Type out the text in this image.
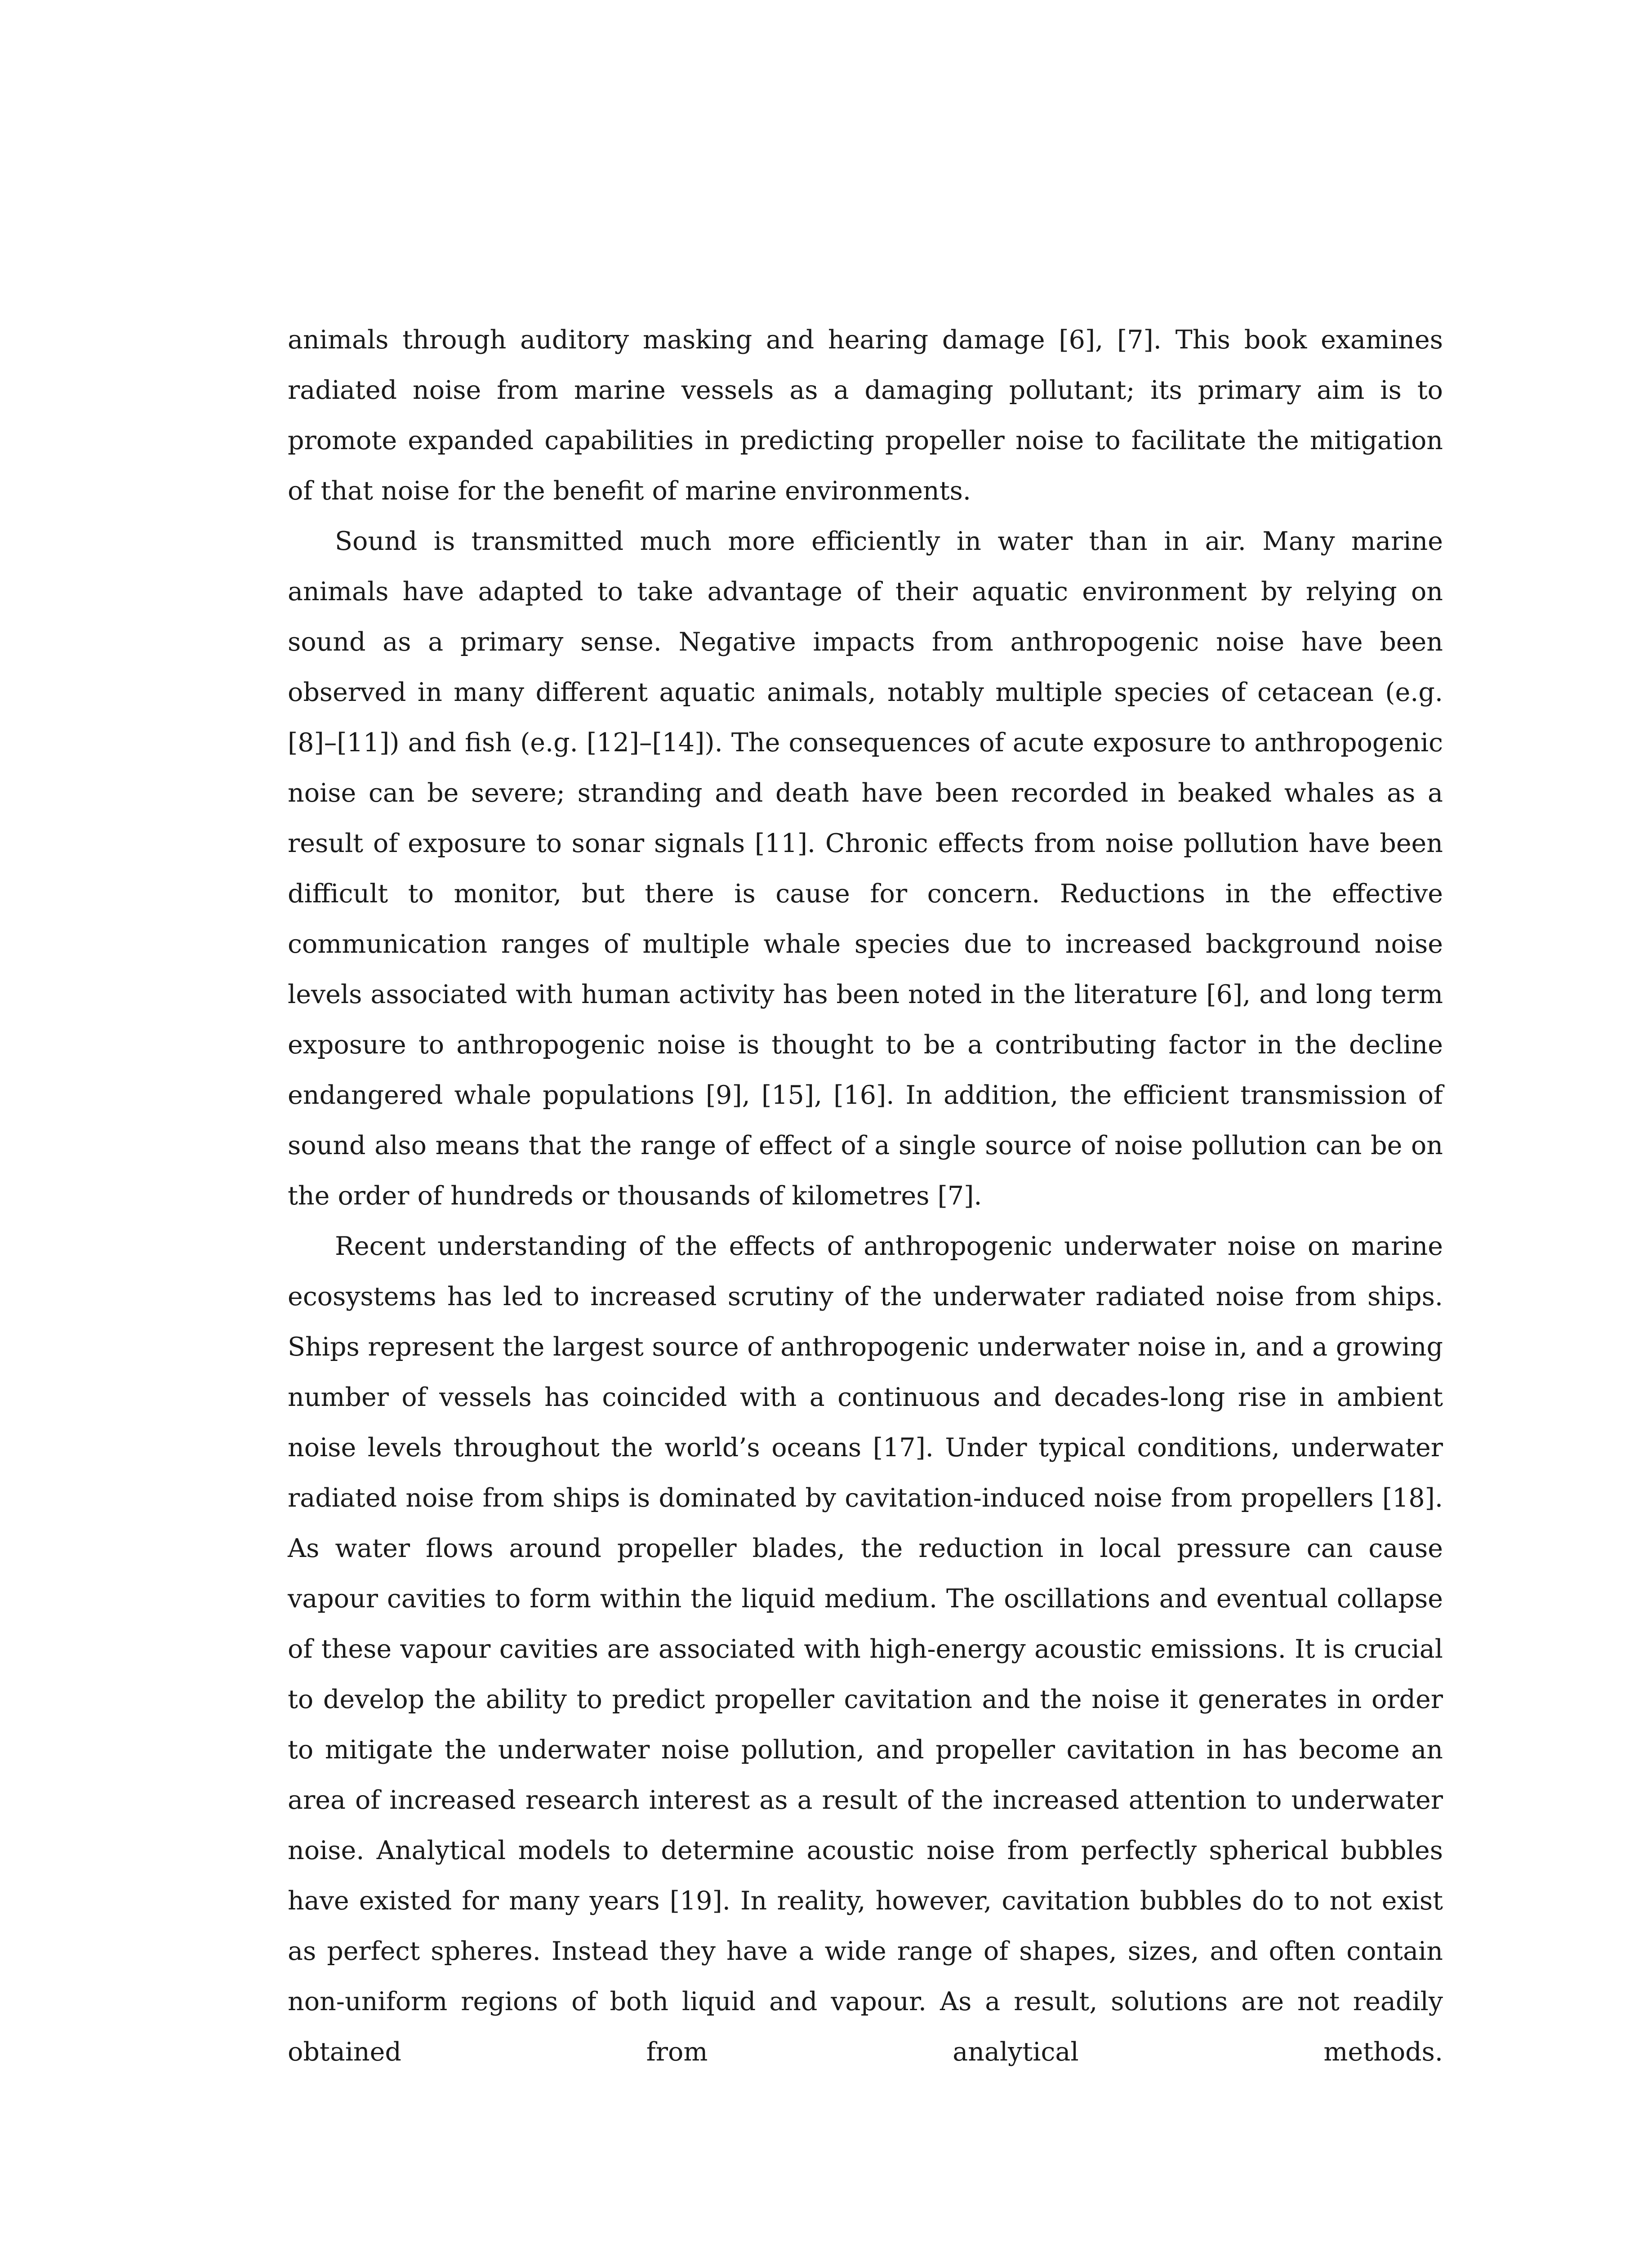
animals through auditory masking and hearing damage [6], [7]. This book examines radiated noise from marine vessels as a damaging pollutant; its primary aim is to promote expanded capabilities in predicting propeller noise to facilitate the mitigation of that noise for the benefit of marine environments.

Sound is transmitted much more efficiently in water than in air. Many marine animals have adapted to take advantage of their aquatic environment by relying on sound as a primary sense. Negative impacts from anthropogenic noise have been observed in many different aquatic animals, notably multiple species of cetacean (e.g. [8]–[11]) and fish (e.g. [12]–[14]). The consequences of acute exposure to anthropogenic noise can be severe; stranding and death have been recorded in beaked whales as a result of exposure to sonar signals [11]. Chronic effects from noise pollution have been difficult to monitor, but there is cause for concern. Reductions in the effective communication ranges of multiple whale species due to increased background noise levels associated with human activity has been noted in the literature [6], and long term exposure to anthropogenic noise is thought to be a contributing factor in the decline endangered whale populations [9], [15], [16]. In addition, the efficient transmission of sound also means that the range of effect of a single source of noise pollution can be on the order of hundreds or thousands of kilometres [7].

Recent understanding of the effects of anthropogenic underwater noise on marine ecosystems has led to increased scrutiny of the underwater radiated noise from ships. Ships represent the largest source of anthropogenic underwater noise in, and a growing number of vessels has coincided with a continuous and decades-long rise in ambient noise levels throughout the world’s oceans [17]. Under typical conditions, underwater radiated noise from ships is dominated by cavitation-induced noise from propellers [18]. As water flows around propeller blades, the reduction in local pressure can cause vapour cavities to form within the liquid medium. The oscillations and eventual collapse of these vapour cavities are associated with high-energy acoustic emissions. It is crucial to develop the ability to predict propeller cavitation and the noise it generates in order to mitigate the underwater noise pollution, and propeller cavitation in has become an area of increased research interest as a result of the increased attention to underwater noise. Analytical models to determine acoustic noise from perfectly spherical bubbles have existed for many years [19]. In reality, however, cavitation bubbles do to not exist as perfect spheres. Instead they have a wide range of shapes, sizes, and often contain non-uniform regions of both liquid and vapour. As a result, solutions are not readily obtained from analytical methods.
